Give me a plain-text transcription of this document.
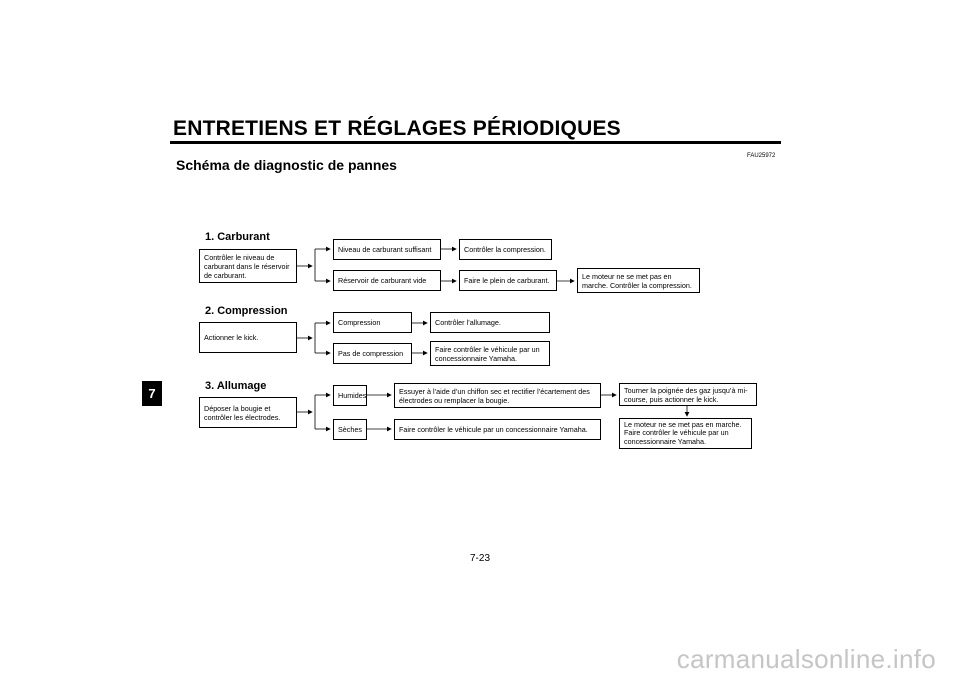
ENTRETIENS ET RÉGLAGES PÉRIODIQUES
Schéma de diagnostic de pannes
FAU25972
7
1. Carburant
Contrôler le niveau de carburant dans le réservoir de carburant.
Niveau de carburant suffisant	Contrôler la compression.
Réservoir de carburant vide	Faire le plein de carburant.	Le moteur ne se met pas en marche. Contrôler la compression.
2. Compression
Actionner le kick.
Compression	Contrôler l’allumage.
Pas de compression	Faire contrôler le véhicule par un concessionnaire Yamaha.
3. Allumage
Déposer la bougie et contrôler les électrodes.
Humides	Essuyer à l’aide d’un chiffon sec et rectifier l’écartement des électrodes ou remplacer la bougie.
Tourner la poignée des gaz jusqu’à mi-course, puis actionner le kick.
Le moteur ne se met pas en marche. Faire contrôler le véhicule par un concessionnaire Yamaha.
Sèches	Faire contrôler le véhicule par un concessionnaire Yamaha.
7-23
carmanualsonline.info
